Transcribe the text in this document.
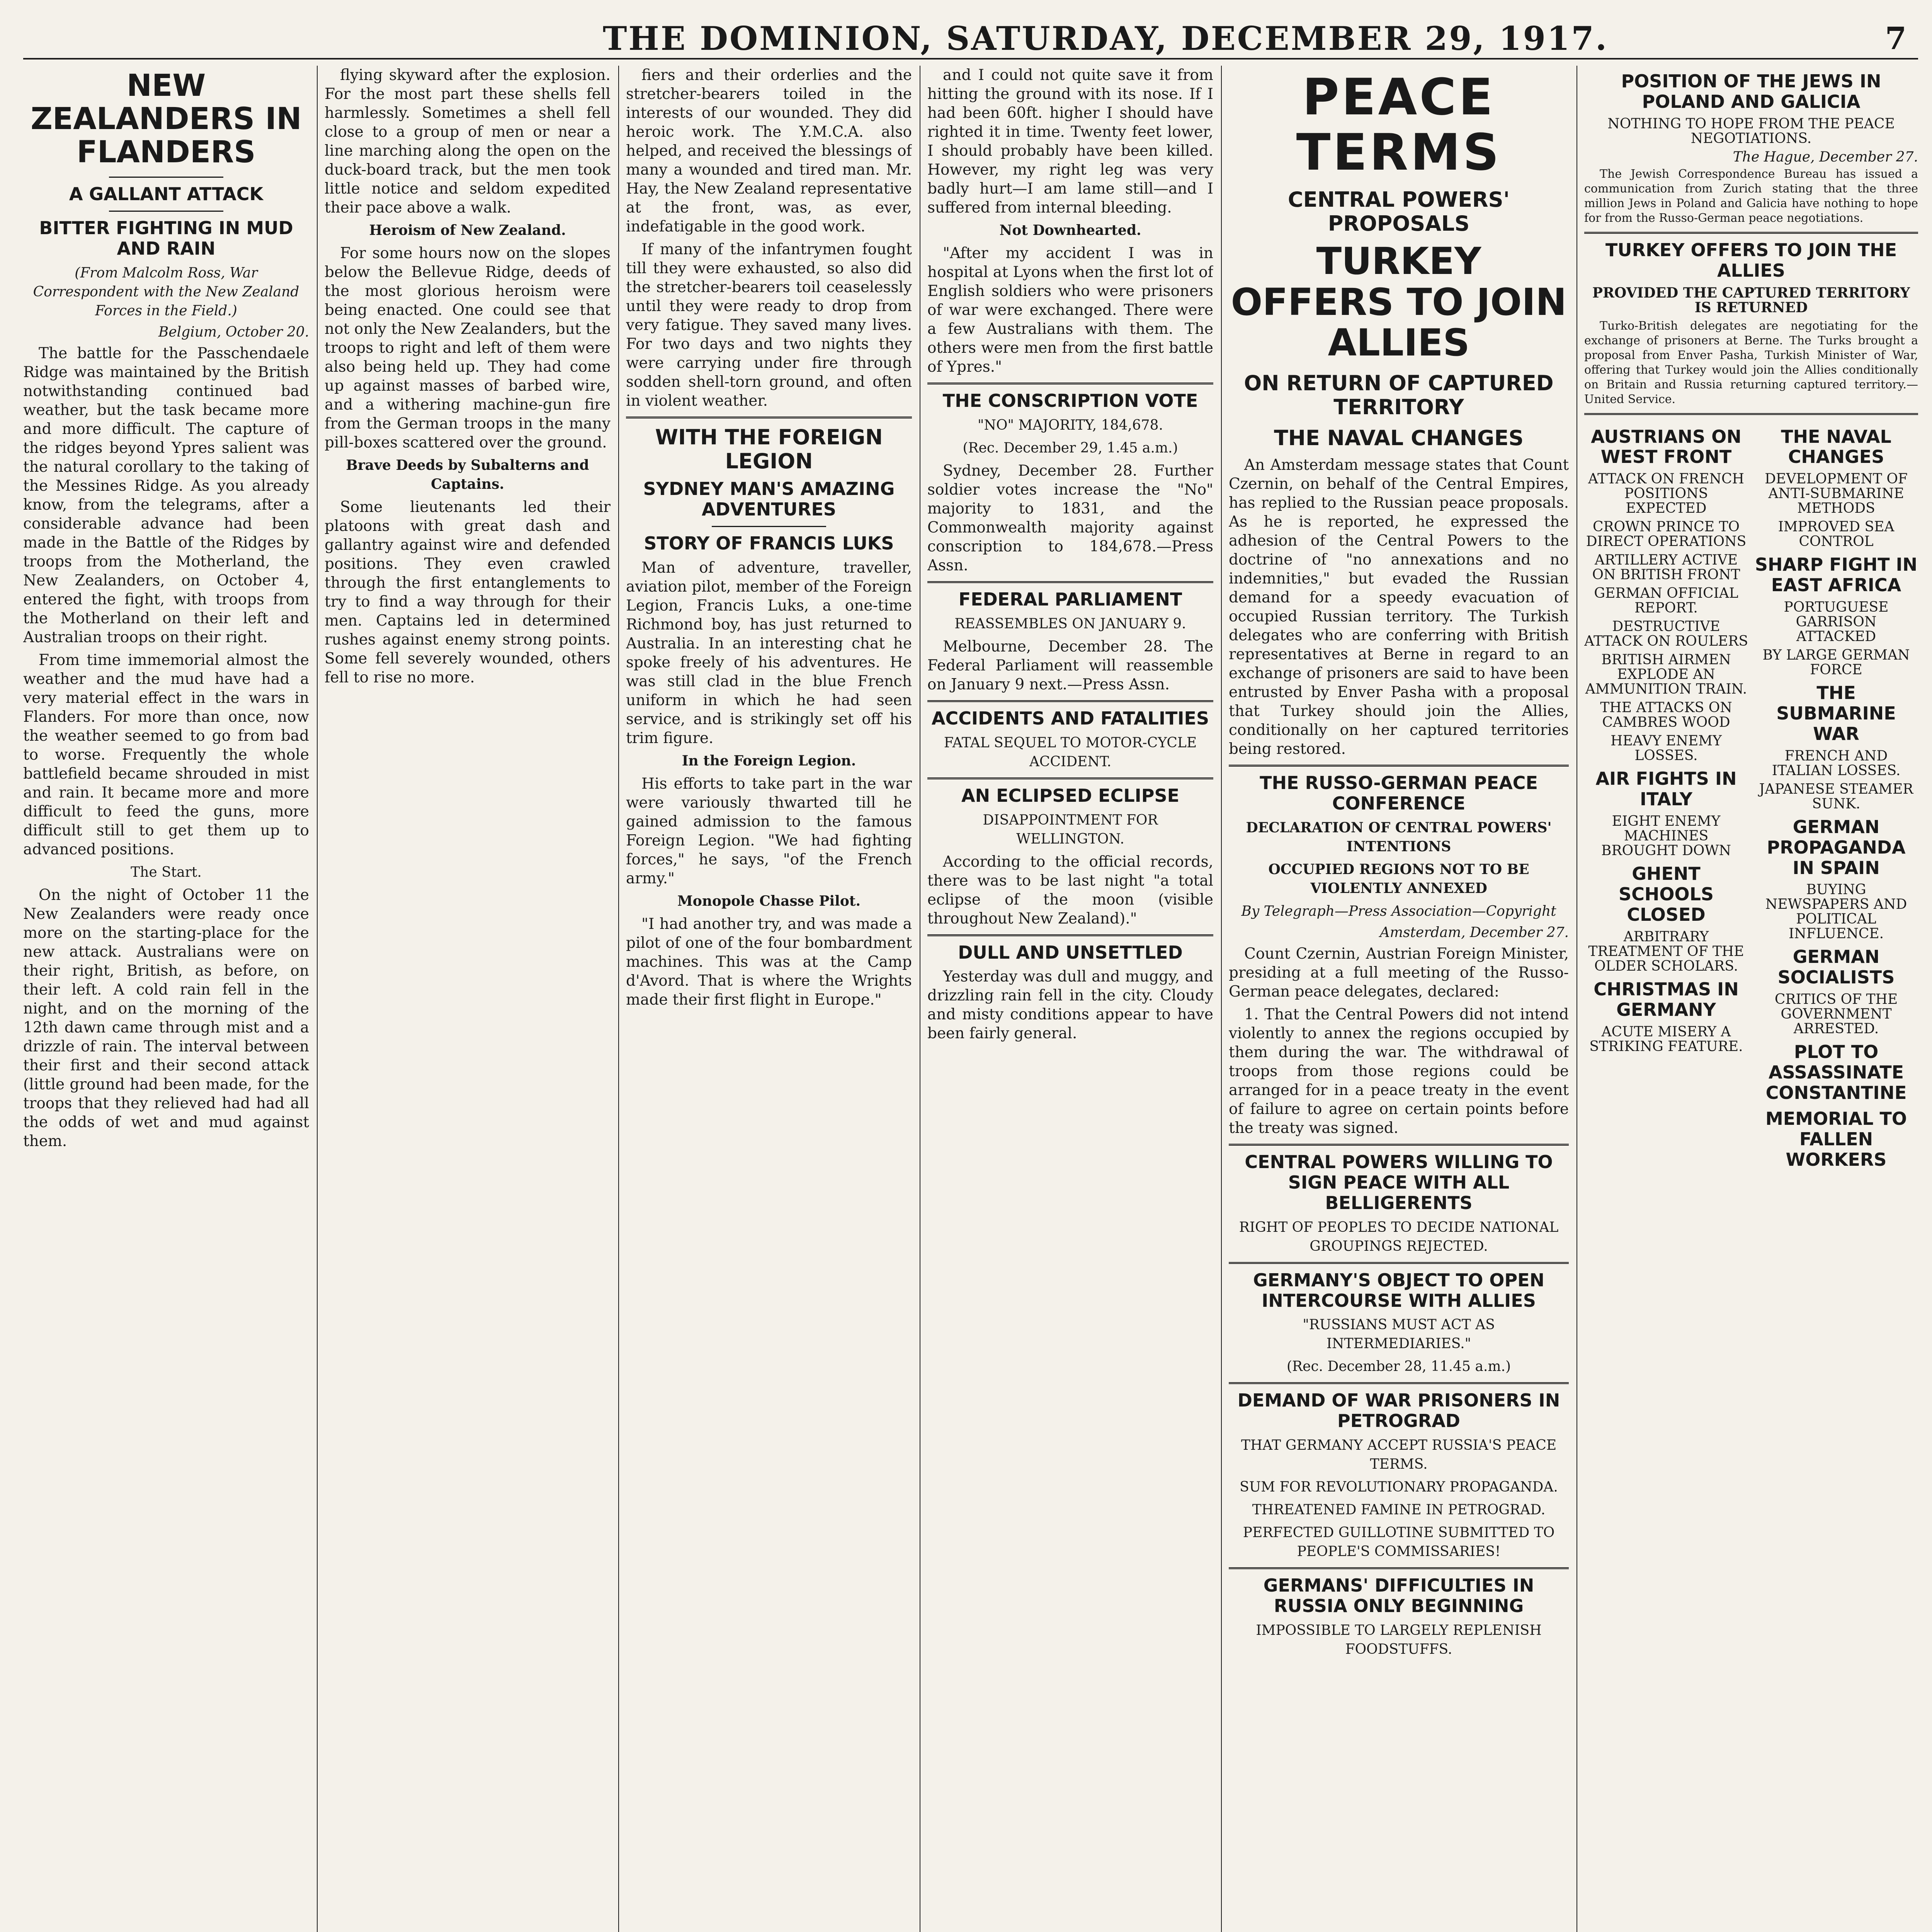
THE DOMINION, SATURDAY, DECEMBER 29, 1917.	7
NEW ZEALANDERS IN FLANDERS
A GALLANT ATTACK
BITTER FIGHTING IN MUD AND RAIN
(From Malcolm Ross, War Correspondent with the New Zealand Forces in the Field.)
Belgium, October 20.

The battle for the Passchendaele Ridge was maintained by the British notwithstanding continued bad weather, but the task became more and more difficult. The capture of the ridges beyond Ypres salient was the natural corollary to the taking of the Messines Ridge. As you already know, from the telegrams, after a considerable advance had been made in the Battle of the Ridges by troops from the Motherland, the New Zealanders, on October 4, entered the fight, with troops from the Motherland on their left and Australian troops on their right.

From time immemorial almost the weather and the mud have had a very material effect in the wars in Flanders. For more than once, now the weather seemed to go from bad to worse. Frequently the whole battlefield became shrouded in mist and rain. It became more and more difficult to feed the guns, more difficult still to get them up to advanced positions.

The Start.

On the night of October 11 the New Zealanders were ready once more on the starting-place for the new attack. Australians were on their right, British, as before, on their left. A cold rain fell in the night, and on the morning of the 12th dawn came through mist and a drizzle of rain. The interval between their first and their second attack (little ground had been made, for the troops that they relieved had had all the odds of wet and mud against them.

flying skyward after the explosion. For the most part these shells fell harmlessly. Sometimes a shell fell close to a group of men or near a line marching along the open on the duck-board track, but the men took little notice and seldom expedited their pace above a walk.

Heroism of New Zealand.

For some hours now on the slopes below the Bellevue Ridge, deeds of the most glorious heroism were being enacted. One could see that not only the New Zealanders, but the troops to right and left of them were also being held up. They had come up against masses of barbed wire, and a withering machine-gun fire from the German troops in the many pill-boxes scattered over the ground.

Brave Deeds by Subalterns and Captains.

Some lieutenants led their platoons with great dash and gallantry against wire and defended positions. They even crawled through the first entanglements to try to find a way through for their men. Captains led in determined rushes against enemy strong points. Some fell severely wounded, others fell to rise no more.

fiers and their orderlies and the stretcher-bearers toiled in the interests of our wounded. They did heroic work. The Y.M.C.A. also helped, and received the blessings of many a wounded and tired man. Mr. Hay, the New Zealand representative at the front, was, as ever, indefatigable in the good work.

If many of the infantrymen fought till they were exhausted, so also did the stretcher-bearers toil ceaselessly until they were ready to drop from very fatigue. They saved many lives. For two days and two nights they were carrying under fire through sodden shell-torn ground, and often in violent weather.

WITH THE FOREIGN LEGION
SYDNEY MAN'S AMAZING ADVENTURES
STORY OF FRANCIS LUKS

Man of adventure, traveller, aviation pilot, member of the Foreign Legion, Francis Luks, a one-time Richmond boy, has just returned to Australia. In an interesting chat he spoke freely of his adventures. He was still clad in the blue French uniform in which he had seen service, and is strikingly set off his trim figure.

In the Foreign Legion.

His efforts to take part in the war were variously thwarted till he gained admission to the famous Foreign Legion. "We had fighting forces," he says, "of the French army."

Monopole Chasse Pilot.

"I had another try, and was made a pilot of one of the four bombardment machines. This was at the Camp d'Avord. That is where the Wrights made their first flight in Europe."

and I could not quite save it from hitting the ground with its nose. If I had been 60ft. higher I should have righted it in time. Twenty feet lower, I should probably have been killed. However, my right leg was very badly hurt—I am lame still—and I suffered from internal bleeding.

Not Downhearted.

"After my accident I was in hospital at Lyons when the first lot of English soldiers who were prisoners of war were exchanged. There were a few Australians with them. The others were men from the first battle of Ypres."

THE CONSCRIPTION VOTE
"NO" MAJORITY, 184,678.
(Rec. December 29, 1.45 a.m.)

Sydney, December 28. Further soldier votes increase the "No" majority to 1831, and the Commonwealth majority against conscription to 184,678.—Press Assn.

FEDERAL PARLIAMENT
REASSEMBLES ON JANUARY 9.

Melbourne, December 28. The Federal Parliament will reassemble on January 9 next.—Press Assn.

ACCIDENTS AND FATALITIES
FATAL SEQUEL TO MOTOR-CYCLE ACCIDENT.
AN ECLIPSED ECLIPSE
DISAPPOINTMENT FOR WELLINGTON.

According to the official records, there was to be last night "a total eclipse of the moon (visible throughout New Zealand)."

DULL AND UNSETTLED

Yesterday was dull and muggy, and drizzling rain fell in the city. Cloudy and misty conditions appear to have been fairly general.

PEACE TERMS
CENTRAL POWERS' PROPOSALS
TURKEY OFFERS TO JOIN ALLIES
ON RETURN OF CAPTURED TERRITORY
THE NAVAL CHANGES

An Amsterdam message states that Count Czernin, on behalf of the Central Empires, has replied to the Russian peace proposals. As he is reported, he expressed the adhesion of the Central Powers to the doctrine of "no annexations and no indemnities," but evaded the Russian demand for a speedy evacuation of occupied Russian territory. The Turkish delegates who are conferring with British representatives at Berne in regard to an exchange of prisoners are said to have been entrusted by Enver Pasha with a proposal that Turkey should join the Allies, conditionally on her captured territories being restored.

THE RUSSO-GERMAN PEACE CONFERENCE
DECLARATION OF CENTRAL POWERS' INTENTIONS
OCCUPIED REGIONS NOT TO BE VIOLENTLY ANNEXED
By Telegraph—Press Association—Copyright
Amsterdam, December 27.

Count Czernin, Austrian Foreign Minister, presiding at a full meeting of the Russo-German peace delegates, declared:

1. That the Central Powers did not intend violently to annex the regions occupied by them during the war. The withdrawal of troops from those regions could be arranged for in a peace treaty in the event of failure to agree on certain points before the treaty was signed.

CENTRAL POWERS WILLING TO SIGN PEACE WITH ALL BELLIGERENTS
RIGHT OF PEOPLES TO DECIDE NATIONAL GROUPINGS REJECTED.
GERMANY'S OBJECT TO OPEN INTERCOURSE WITH ALLIES
"RUSSIANS MUST ACT AS INTERMEDIARIES."
(Rec. December 28, 11.45 a.m.)
DEMAND OF WAR PRISONERS IN PETROGRAD
THAT GERMANY ACCEPT RUSSIA'S PEACE TERMS.
SUM FOR REVOLUTIONARY PROPAGANDA.
THREATENED FAMINE IN PETROGRAD.
PERFECTED GUILLOTINE SUBMITTED TO PEOPLE'S COMMISSARIES!
GERMANS' DIFFICULTIES IN RUSSIA ONLY BEGINNING
IMPOSSIBLE TO LARGELY REPLENISH FOODSTUFFS.
POSITION OF THE JEWS IN POLAND AND GALICIA
NOTHING TO HOPE FROM THE PEACE NEGOTIATIONS.
The Hague, December 27.

The Jewish Correspondence Bureau has issued a communication from Zurich stating that the three million Jews in Poland and Galicia have nothing to hope for from the Russo-German peace negotiations.

TURKEY OFFERS TO JOIN THE ALLIES
PROVIDED THE CAPTURED TERRITORY IS RETURNED

Turko-British delegates are negotiating for the exchange of prisoners at Berne. The Turks brought a proposal from Enver Pasha, Turkish Minister of War, offering that Turkey would join the Allies conditionally on Britain and Russia returning captured territory.—United Service.

AUSTRIANS ON WEST FRONT
ATTACK ON FRENCH POSITIONS EXPECTED
CROWN PRINCE TO DIRECT OPERATIONS
ARTILLERY ACTIVE ON BRITISH FRONT
GERMAN OFFICIAL REPORT.
DESTRUCTIVE ATTACK ON ROULERS
BRITISH AIRMEN EXPLODE AN AMMUNITION TRAIN.
THE ATTACKS ON CAMBRES WOOD
HEAVY ENEMY LOSSES.
AIR FIGHTS IN ITALY
EIGHT ENEMY MACHINES BROUGHT DOWN
GHENT SCHOOLS CLOSED
ARBITRARY TREATMENT OF THE OLDER SCHOLARS.
CHRISTMAS IN GERMANY
ACUTE MISERY A STRIKING FEATURE.
THE NAVAL CHANGES
DEVELOPMENT OF ANTI-SUBMARINE METHODS
IMPROVED SEA CONTROL
SHARP FIGHT IN EAST AFRICA
PORTUGUESE GARRISON ATTACKED
BY LARGE GERMAN FORCE
THE SUBMARINE WAR
FRENCH AND ITALIAN LOSSES.
JAPANESE STEAMER SUNK.
GERMAN PROPAGANDA IN SPAIN
BUYING NEWSPAPERS AND POLITICAL INFLUENCE.
GERMAN SOCIALISTS
CRITICS OF THE GOVERNMENT ARRESTED.
PLOT TO ASSASSINATE CONSTANTINE
MEMORIAL TO FALLEN WORKERS
